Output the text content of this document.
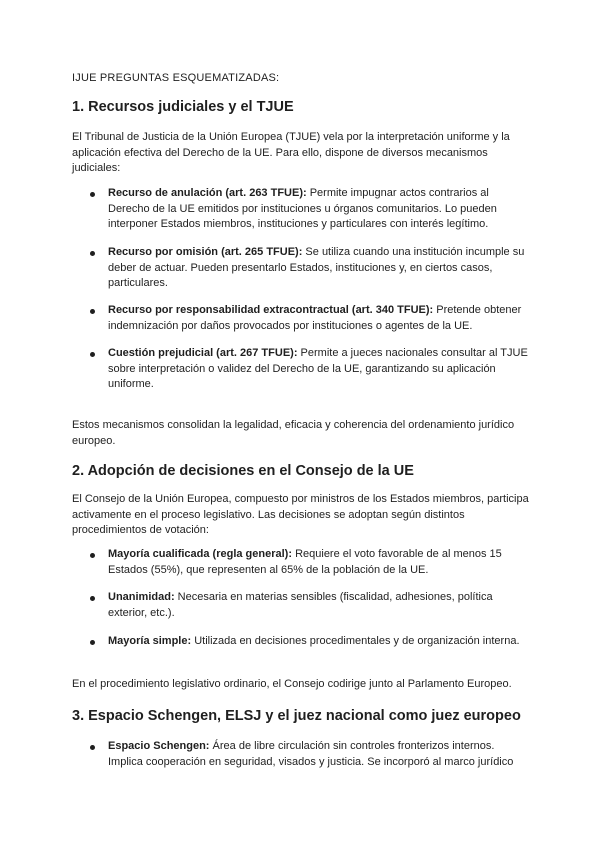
IJUE PREGUNTAS ESQUEMATIZADAS:
1. Recursos judiciales y el TJUE

El Tribunal de Justicia de la Unión Europea (TJUE) vela por la interpretación uniforme y la aplicación efectiva del Derecho de la UE. Para ello, dispone de diversos mecanismos judiciales:

Recurso de anulación (art. 263 TFUE): Permite impugnar actos contrarios al Derecho de la UE emitidos por instituciones u órganos comunitarios. Lo pueden interponer Estados miembros, instituciones y particulares con interés legítimo.
Recurso por omisión (art. 265 TFUE): Se utiliza cuando una institución incumple su deber de actuar. Pueden presentarlo Estados, instituciones y, en ciertos casos, particulares.
Recurso por responsabilidad extracontractual (art. 340 TFUE): Pretende obtener indemnización por daños provocados por instituciones o agentes de la UE.
Cuestión prejudicial (art. 267 TFUE): Permite a jueces nacionales consultar al TJUE sobre interpretación o validez del Derecho de la UE, garantizando su aplicación uniforme.

Estos mecanismos consolidan la legalidad, eficacia y coherencia del ordenamiento jurídico europeo.

2. Adopción de decisiones en el Consejo de la UE

El Consejo de la Unión Europea, compuesto por ministros de los Estados miembros, participa activamente en el proceso legislativo. Las decisiones se adoptan según distintos procedimientos de votación:

Mayoría cualificada (regla general): Requiere el voto favorable de al menos 15 Estados (55%), que representen al 65% de la población de la UE.
Unanimidad: Necesaria en materias sensibles (fiscalidad, adhesiones, política exterior, etc.).
Mayoría simple: Utilizada en decisiones procedimentales y de organización interna.

En el procedimiento legislativo ordinario, el Consejo codirige junto al Parlamento Europeo.

3. Espacio Schengen, ELSJ y el juez nacional como juez europeo
Espacio Schengen: Área de libre circulación sin controles fronterizos internos. Implica cooperación en seguridad, visados y justicia. Se incorporó al marco jurídico
